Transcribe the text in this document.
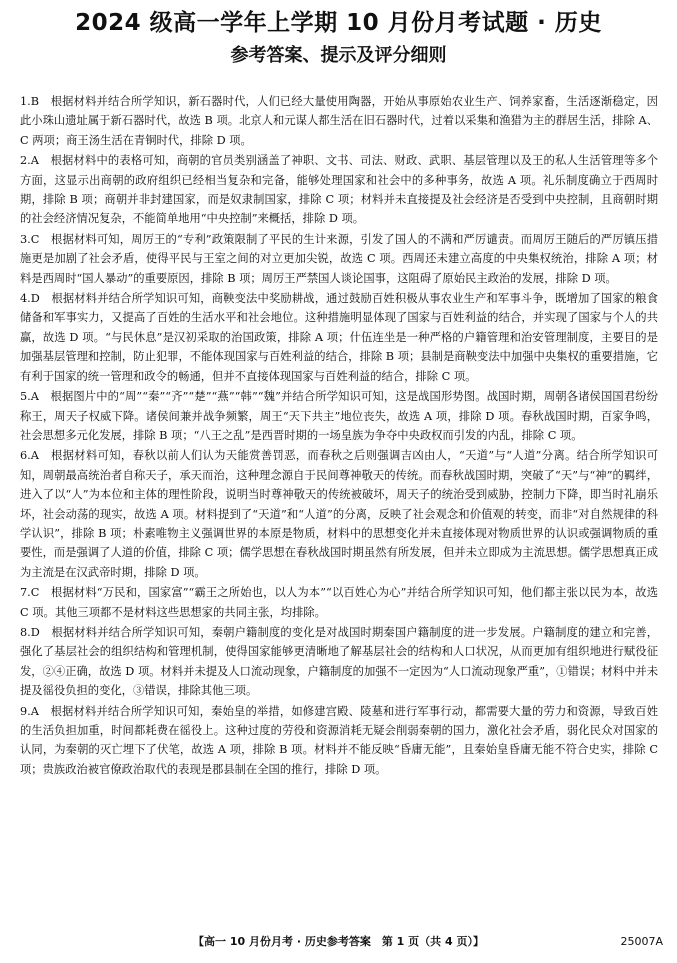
2024 级高一学年上学期 10 月份月考试题 · 历史
参考答案、提示及评分细则

1.B　 根据材料并结合所学知识，新石器时代，人们已经大量使用陶器，开始从事原始农业生产、饲养家畜，生活逐渐稳定，因此小珠山遗址属于新石器时代，故选 B 项。北京人和元谋人都生活在旧石器时代，过着以采集和渔猎为主的群居生活，排除 A、C 两项；商王汤生活在青铜时代，排除 D 项。

2.A　 根据材料中的表格可知，商朝的官员类别涵盖了神职、文书、司法、财政、武职、基层管理以及王的私人生活管理等多个方面，这显示出商朝的政府组织已经相当复杂和完备，能够处理国家和社会中的多种事务，故选 A 项。礼乐制度确立于西周时期，排除 B 项；商朝并非封建国家，而是奴隶制国家，排除 C 项；材料并未直接提及社会经济是否受到中央控制，且商朝时期的社会经济情况复杂，不能简单地用“中央控制”来概括，排除 D 项。

3.C　 根据材料可知，周厉王的“专利”政策限制了平民的生计来源，引发了国人的不满和严厉谴责。而周厉王随后的严厉镇压措施更是加剧了社会矛盾，使得平民与王室之间的对立更加尖锐，故选 C 项。西周还未建立高度的中央集权统治，排除 A 项；材料是西周时“国人暴动”的重要原因，排除 B 项；周厉王严禁国人谈论国事，这阻碍了原始民主政治的发展，排除 D 项。

4.D　 根据材料并结合所学知识可知，商鞅变法中奖励耕战，通过鼓励百姓积极从事农业生产和军事斗争，既增加了国家的粮食储备和军事实力，又提高了百姓的生活水平和社会地位。这种措施明显体现了国家与百姓利益的结合，并实现了国家与个人的共赢，故选 D 项。“与民休息”是汉初采取的治国政策，排除 A 项；什伍连坐是一种严格的户籍管理和治安管理制度，主要目的是加强基层管理和控制，防止犯罪，不能体现国家与百姓利益的结合，排除 B 项；县制是商鞅变法中加强中央集权的重要措施，它有利于国家的统一管理和政令的畅通，但并不直接体现国家与百姓利益的结合，排除 C 项。

5.A　 根据图片中的“周”“秦”“齐”“楚”“燕”“韩”“魏”并结合所学知识可知，这是战国形势图。战国时期，周朝各诸侯国国君纷纷称王，周天子权威下降。诸侯间兼并战争频繁，周王“天下共主”地位丧失，故选 A 项，排除 D 项。春秋战国时期，百家争鸣，社会思想多元化发展，排除 B 项；“八王之乱”是西晋时期的一场皇族为争夺中央政权而引发的内乱，排除 C 项。

6.A　 根据材料可知，春秋以前人们认为天能赏善罚恶，而春秋之后则强调吉凶由人，“天道”与“人道”分离。结合所学知识可知，周朝最高统治者自称天子，承天而治，这种理念源自于民间尊神敬天的传统。而春秋战国时期，突破了“天”与“神”的羁绊，进入了以“人”为本位和主体的理性阶段，说明当时尊神敬天的传统被破坏，周天子的统治受到威胁，控制力下降，即当时礼崩乐坏，社会动荡的现实，故选 A 项。材料提到了“天道”和“人道”的分离，反映了社会观念和价值观的转变，而非“对自然规律的科学认识”，排除 B 项；朴素唯物主义强调世界的本原是物质，材料中的思想变化并未直接体现对物质世界的认识或强调物质的重要性，而是强调了人道的价值，排除 C 项；儒学思想在春秋战国时期虽然有所发展，但并未立即成为主流思想。儒学思想真正成为主流是在汉武帝时期，排除 D 项。

7.C　 根据材料“万民和，国家富”“霸王之所始也，以人为本”“以百姓心为心”并结合所学知识可知，他们都主张以民为本，故选 C 项。其他三项都不是材料这些思想家的共同主张，均排除。

8.D　 根据材料并结合所学知识可知，秦朝户籍制度的变化是对战国时期秦国户籍制度的进一步发展。户籍制度的建立和完善，强化了基层社会的组织结构和管理机制，使得国家能够更清晰地了解基层社会的结构和人口状况，从而更加有组织地进行赋役征发，②④正确，故选 D 项。材料并未提及人口流动现象，户籍制度的加强不一定因为“人口流动现象严重”，①错误；材料中并未提及徭役负担的变化，③错误，排除其他三项。

9.A　 根据材料并结合所学知识可知，秦始皇的举措，如修建宫殿、陵墓和进行军事行动，都需要大量的劳力和资源，导致百姓的生活负担加重，时间都耗费在徭役上。这种过度的劳役和资源消耗无疑会削弱秦朝的国力，激化社会矛盾，弱化民众对国家的认同，为秦朝的灭亡埋下了伏笔，故选 A 项，排除 B 项。材料并不能反映“昏庸无能”，且秦始皇昏庸无能不符合史实，排除 C 项；贵族政治被官僚政治取代的表现是郡县制在全国的推行，排除 D 项。

【高一 10 月份月考 · 历史参考答案　第 1 页（共 4 页）】	25007A
